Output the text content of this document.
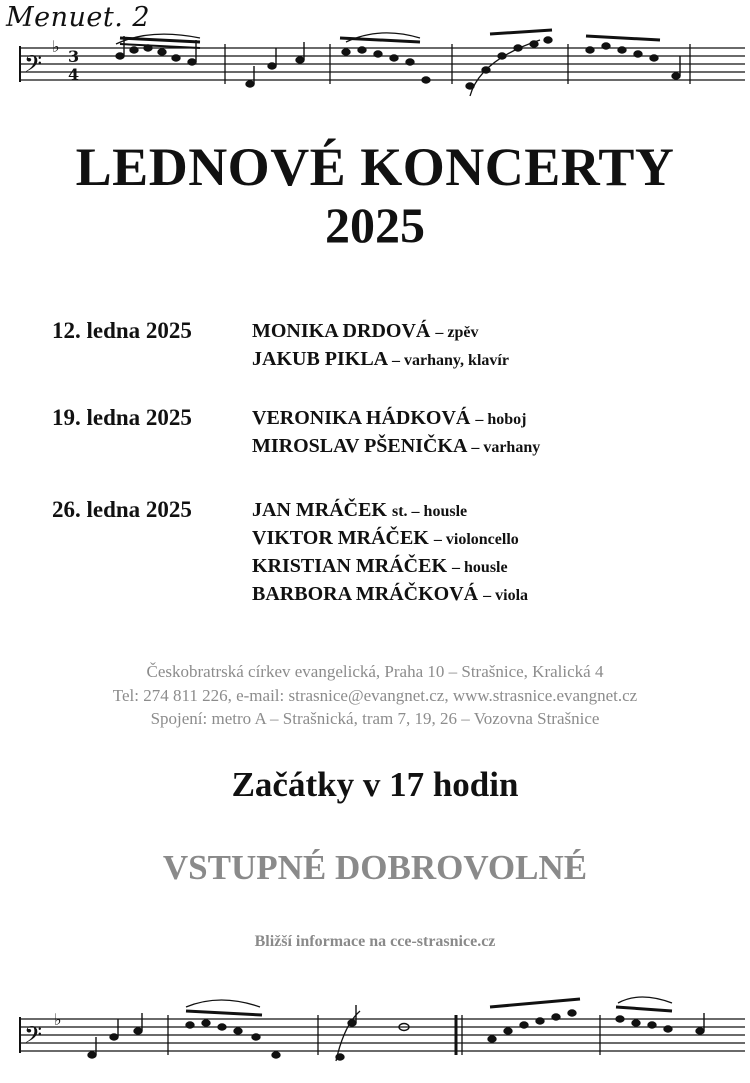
Menuet. 2
𝄢
♭
3
4
LEDNOVÉ KONCERTY
2025
12. ledna 2025	MONIKA DRDOVÁ – zpěv
JAKUB PIKLA – varhany, klavír
19. ledna 2025	VERONIKA HÁDKOVÁ – hoboj
MIROSLAV PŠENIČKA – varhany
26. ledna 2025	JAN MRÁČEK st. – housle
VIKTOR MRÁČEK – violoncello
KRISTIAN MRÁČEK – housle
BARBORA MRÁČKOVÁ – viola
Českobratrská církev evangelická, Praha 10 – Strašnice, Kralická 4
Tel: 274 811 226, e-mail: strasnice@evangnet.cz, www.strasnice.evangnet.cz
Spojení: metro A – Strašnická, tram 7, 19, 26 – Vozovna Strašnice
Začátky v 17 hodin
VSTUPNÉ DOBROVOLNÉ
Bližší informace na cce-strasnice.cz
𝄢
♭
